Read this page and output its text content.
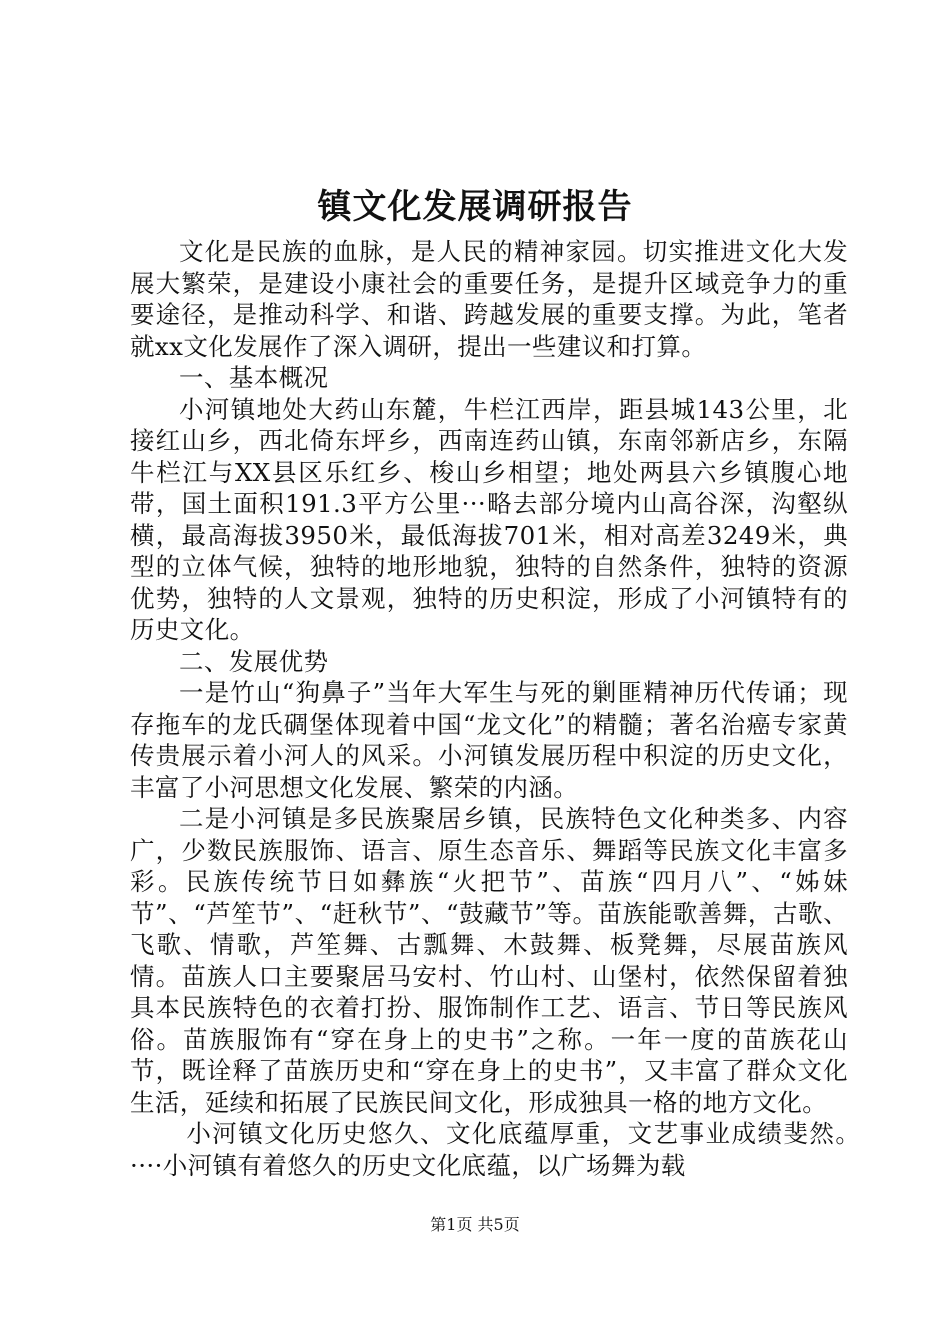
镇文化发展调研报告

文化是民族的血脉，是人民的精神家园。切实推进文化大发展大繁荣，是建设小康社会的重要任务，是提升区域竞争力的重要途径，是推动科学、和谐、跨越发展的重要支撑。为此，笔者就xx文化发展作了深入调研，提出一些建议和打算。

一、基本概况

小河镇地处大药山东麓，牛栏江西岸，距县城143公里，北接红山乡，西北倚东坪乡，西南连药山镇，东南邻新店乡，东隔牛栏江与XX县区乐红乡、梭山乡相望；地处两县六乡镇腹心地带，国土面积191.3平方公里···略去部分境内山高谷深，沟壑纵横，最高海拔3950米，最低海拔701米，相对高差3249米，典型的立体气候，独特的地形地貌，独特的自然条件，独特的资源优势，独特的人文景观，独特的历史积淀，形成了小河镇特有的历史文化。

二、发展优势

一是竹山“狗鼻子”当年大军生与死的剿匪精神历代传诵；现存拖车的龙氏碉堡体现着中国“龙文化”的精髓；著名治癌专家黄传贵展示着小河人的风采。小河镇发展历程中积淀的历史文化，丰富了小河思想文化发展、繁荣的内涵。

二是小河镇是多民族聚居乡镇，民族特色文化种类多、内容广，少数民族服饰、语言、原生态音乐、舞蹈等民族文化丰富多彩。民族传统节日如彝族“火把节”、苗族“四月八”、“姊妹节”、“芦笙节”、“赶秋节”、“鼓藏节”等。苗族能歌善舞，古歌、飞歌、情歌，芦笙舞、古瓢舞、木鼓舞、板凳舞，尽展苗族风情。苗族人口主要聚居马安村、竹山村、山堡村，依然保留着独具本民族特色的衣着打扮、服饰制作工艺、语言、节日等民族风俗。苗族服饰有“穿在身上的史书”之称。一年一度的苗族花山节，既诠释了苗族历史和“穿在身上的史书”，又丰富了群众文化生活，延续和拓展了民族民间文化，形成独具一格的地方文化。

小河镇文化历史悠久、文化底蕴厚重，文艺事业成绩斐然。····小河镇有着悠久的历史文化底蕴，以广场舞为载

第1页 共5页
